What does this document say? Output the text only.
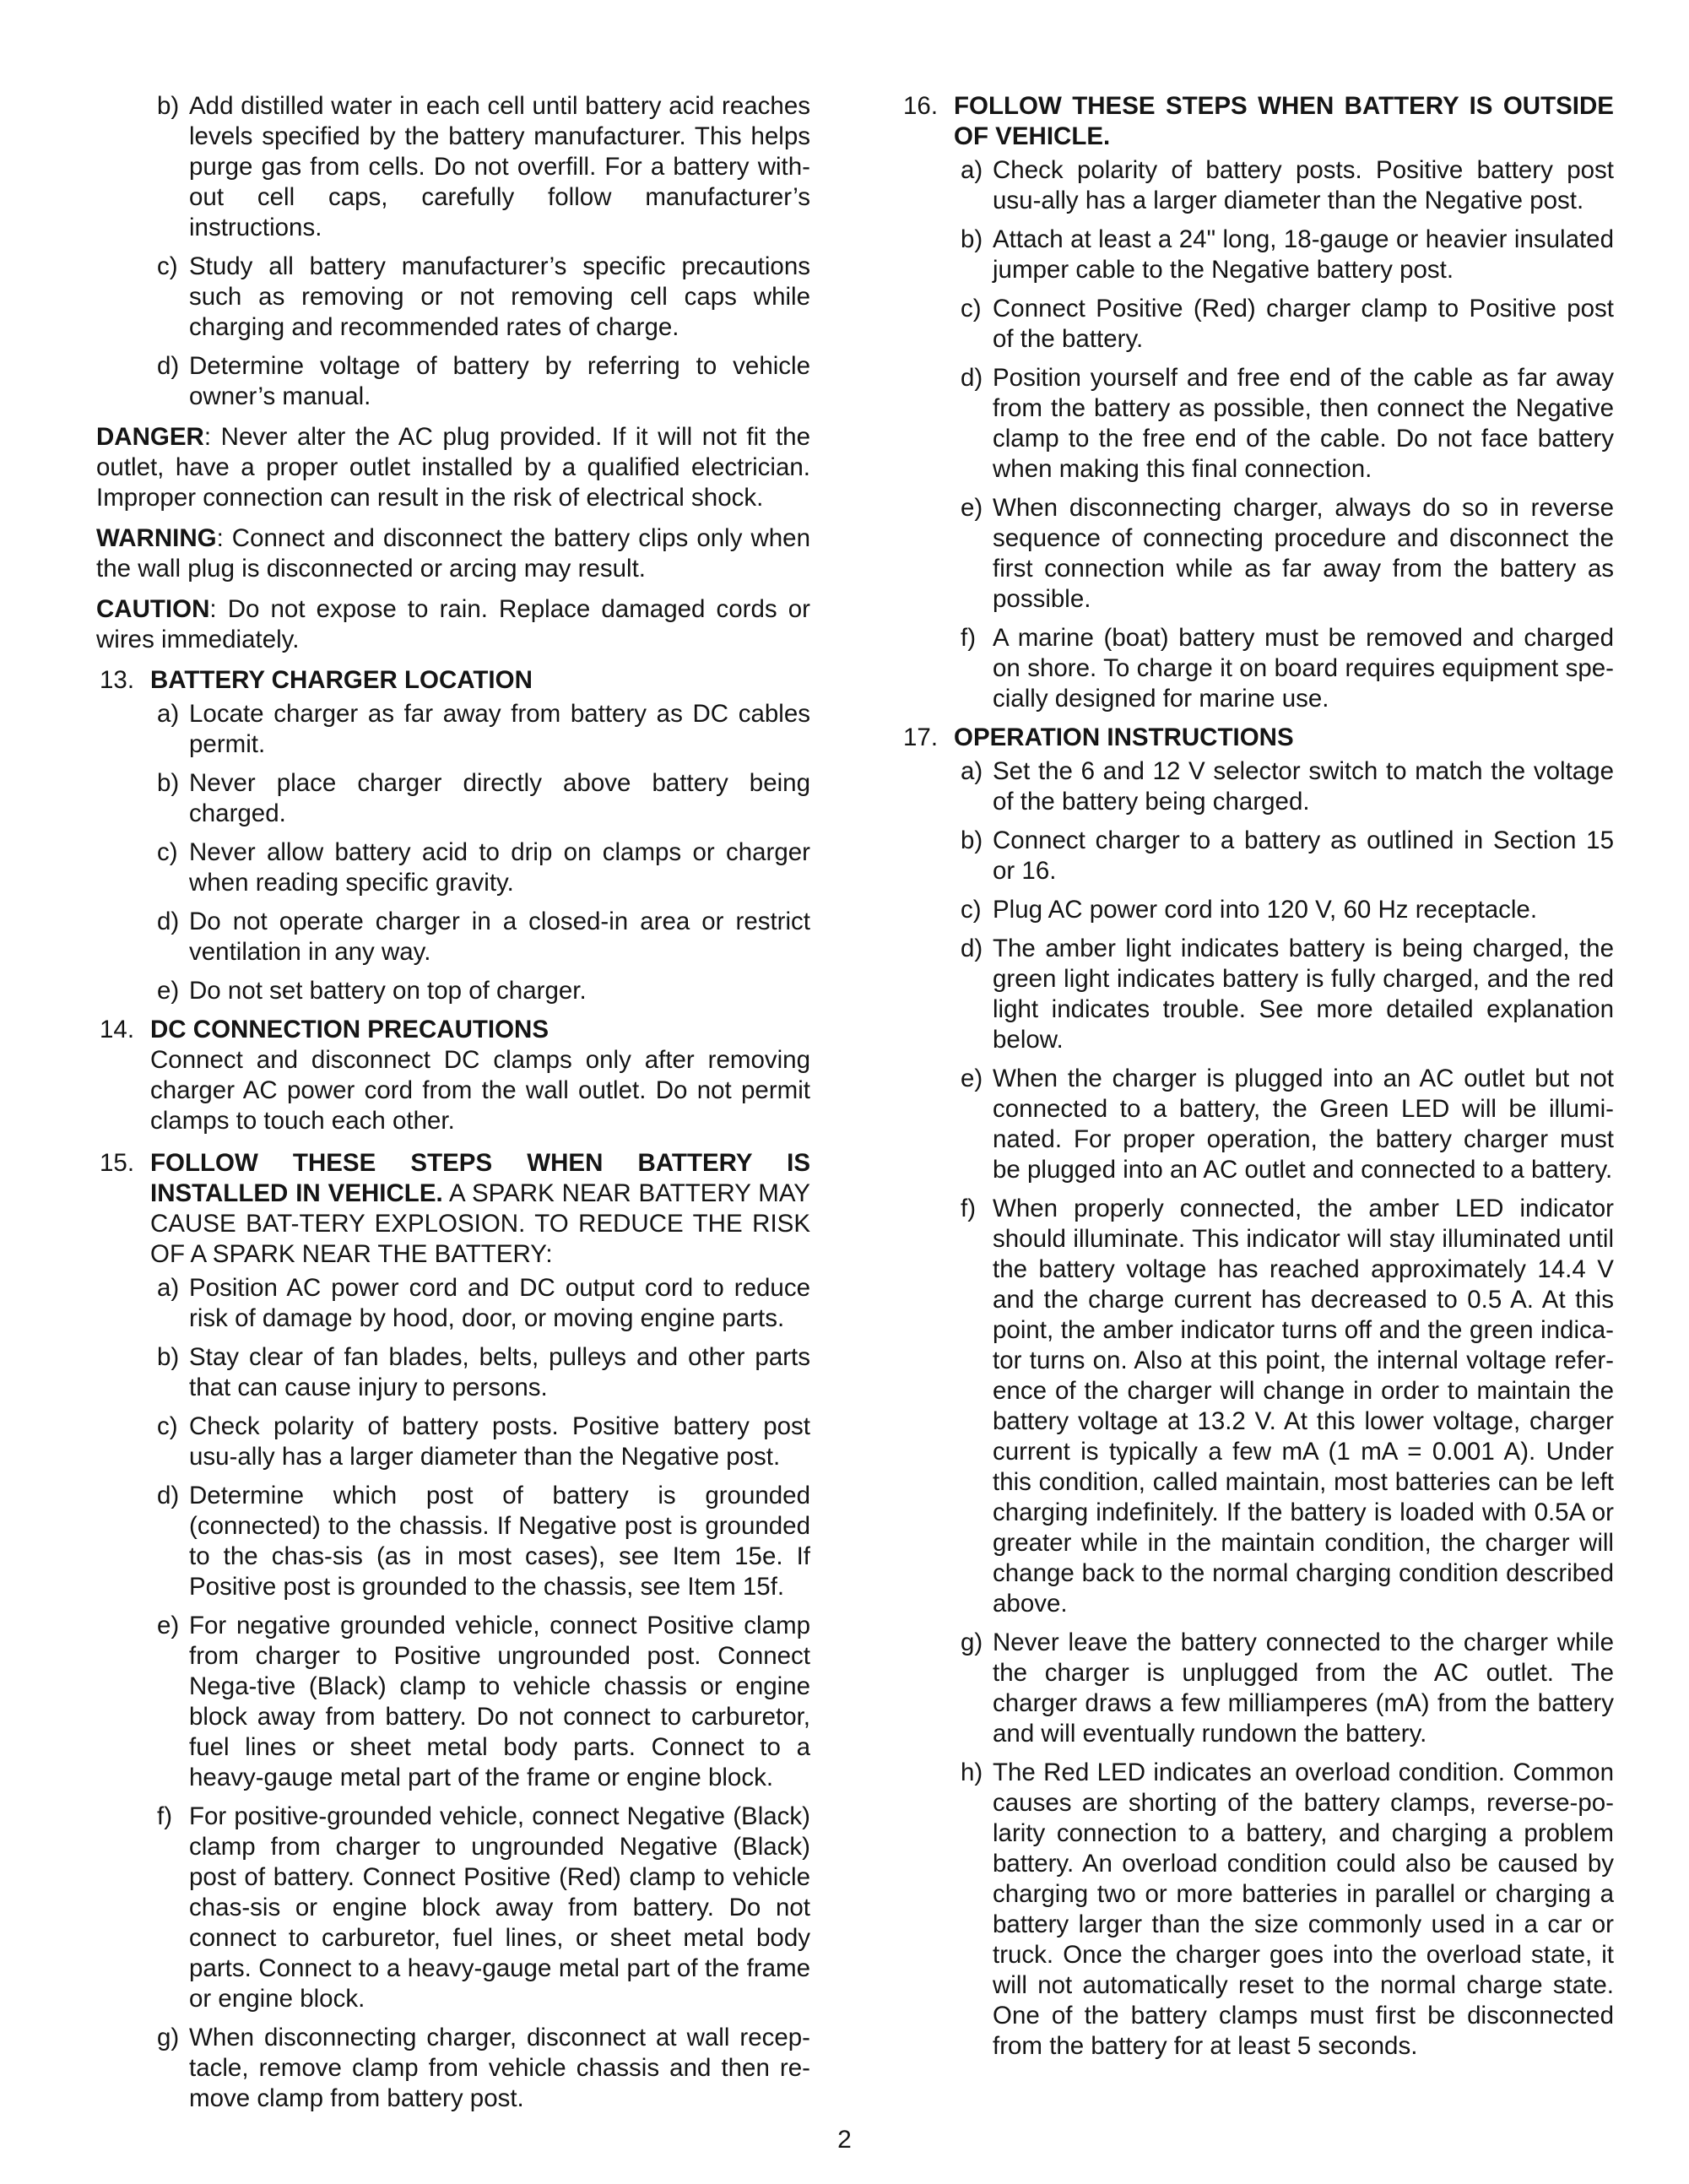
b) Add distilled water in each cell until battery acid reaches levels specified by the battery manufacturer. This helps purge gas from cells. Do not overfill. For a battery with-out cell caps, carefully follow manufacturer’s instructions.
c) Study all battery manufacturer’s specific precautions such as removing or not removing cell caps while charging and recommended rates of charge.
d) Determine voltage of battery by referring to vehicle owner’s manual.

DANGER: Never alter the AC plug provided. If it will not fit the outlet, have a proper outlet installed by a qualified electrician. Improper connection can result in the risk of electrical shock.

WARNING: Connect and disconnect the battery clips only when the wall plug is disconnected or arcing may result.

CAUTION: Do not expose to rain. Replace damaged cords or wires immediately.

13. BATTERY CHARGER LOCATION
a) Locate charger as far away from battery as DC cables permit.
b) Never place charger directly above battery being charged.
c) Never allow battery acid to drip on clamps or charger when reading specific gravity.
d) Do not operate charger in a closed-in area or restrict ventilation in any way.
e) Do not set battery on top of charger.
14. DC CONNECTION PRECAUTIONS
Connect and disconnect DC clamps only after removing charger AC power cord from the wall outlet. Do not permit clamps to touch each other.
15. FOLLOW THESE STEPS WHEN BATTERY IS INSTALLED IN VEHICLE. A SPARK NEAR BATTERY MAY CAUSE BAT-TERY EXPLOSION. TO REDUCE THE RISK OF A SPARK NEAR THE BATTERY:
a) Position AC power cord and DC output cord to reduce risk of damage by hood, door, or moving engine parts.
b) Stay clear of fan blades, belts, pulleys and other parts that can cause injury to persons.
c) Check polarity of battery posts. Positive battery post usu-ally has a larger diameter than the Negative post.
d) Determine which post of battery is grounded (connected) to the chassis. If Negative post is grounded to the chas-sis (as in most cases), see Item 15e. If Positive post is grounded to the chassis, see Item 15f.
e) For negative grounded vehicle, connect Positive clamp from charger to Positive ungrounded post. Connect Nega-tive (Black) clamp to vehicle chassis or engine block away from battery. Do not connect to carburetor, fuel lines or sheet metal body parts. Connect to a heavy-gauge metal part of the frame or engine block.
f) For positive-grounded vehicle, connect Negative (Black) clamp from charger to ungrounded Negative (Black) post of battery. Connect Positive (Red) clamp to vehicle chas-sis or engine block away from battery. Do not connect to carburetor, fuel lines, or sheet metal body parts. Connect to a heavy-gauge metal part of the frame or engine block.
g) When disconnecting charger, disconnect at wall recep-tacle, remove clamp from vehicle chassis and then re-move clamp from battery post.
16. FOLLOW THESE STEPS WHEN BATTERY IS OUTSIDE OF VEHICLE.
a) Check polarity of battery posts. Positive battery post usu-ally has a larger diameter than the Negative post.
b) Attach at least a 24" long, 18-gauge or heavier insulated jumper cable to the Negative battery post.
c) Connect Positive (Red) charger clamp to Positive post of the battery.
d) Position yourself and free end of the cable as far away from the battery as possible, then connect the Negative clamp to the free end of the cable. Do not face battery when making this final connection.
e) When disconnecting charger, always do so in reverse sequence of connecting procedure and disconnect the first connection while as far away from the battery as possible.
f) A marine (boat) battery must be removed and charged on shore. To charge it on board requires equipment spe-cially designed for marine use.
17. OPERATION INSTRUCTIONS
a) Set the 6 and 12 V selector switch to match the voltage of the battery being charged.
b) Connect charger to a battery as outlined in Section 15 or 16.
c) Plug AC power cord into 120 V, 60 Hz receptacle.
d) The amber light indicates battery is being charged, the green light indicates battery is fully charged, and the red light indicates trouble. See more detailed explanation below.
e) When the charger is plugged into an AC outlet but not connected to a battery, the Green LED will be illumi-nated. For proper operation, the battery charger must be plugged into an AC outlet and connected to a battery.
f) When properly connected, the amber LED indicator should illuminate. This indicator will stay illuminated until the battery voltage has reached approximately 14.4 V and the charge current has decreased to 0.5 A. At this point, the amber indicator turns off and the green indica-tor turns on. Also at this point, the internal voltage refer-ence of the charger will change in order to maintain the battery voltage at 13.2 V. At this lower voltage, charger current is typically a few mA (1 mA = 0.001 A). Under this condition, called maintain, most batteries can be left charging indefinitely. If the battery is loaded with 0.5A or greater while in the maintain condition, the charger will change back to the normal charging condition described above.
g) Never leave the battery connected to the charger while the charger is unplugged from the AC outlet. The charger draws a few milliamperes (mA) from the battery and will eventually rundown the battery.
h) The Red LED indicates an overload condition. Common causes are shorting of the battery clamps, reverse-po-larity connection to a battery, and charging a problem battery. An overload condition could also be caused by charging two or more batteries in parallel or charging a battery larger than the size commonly used in a car or truck. Once the charger goes into the overload state, it will not automatically reset to the normal charge state. One of the battery clamps must first be disconnected from the battery for at least 5 seconds.
2
